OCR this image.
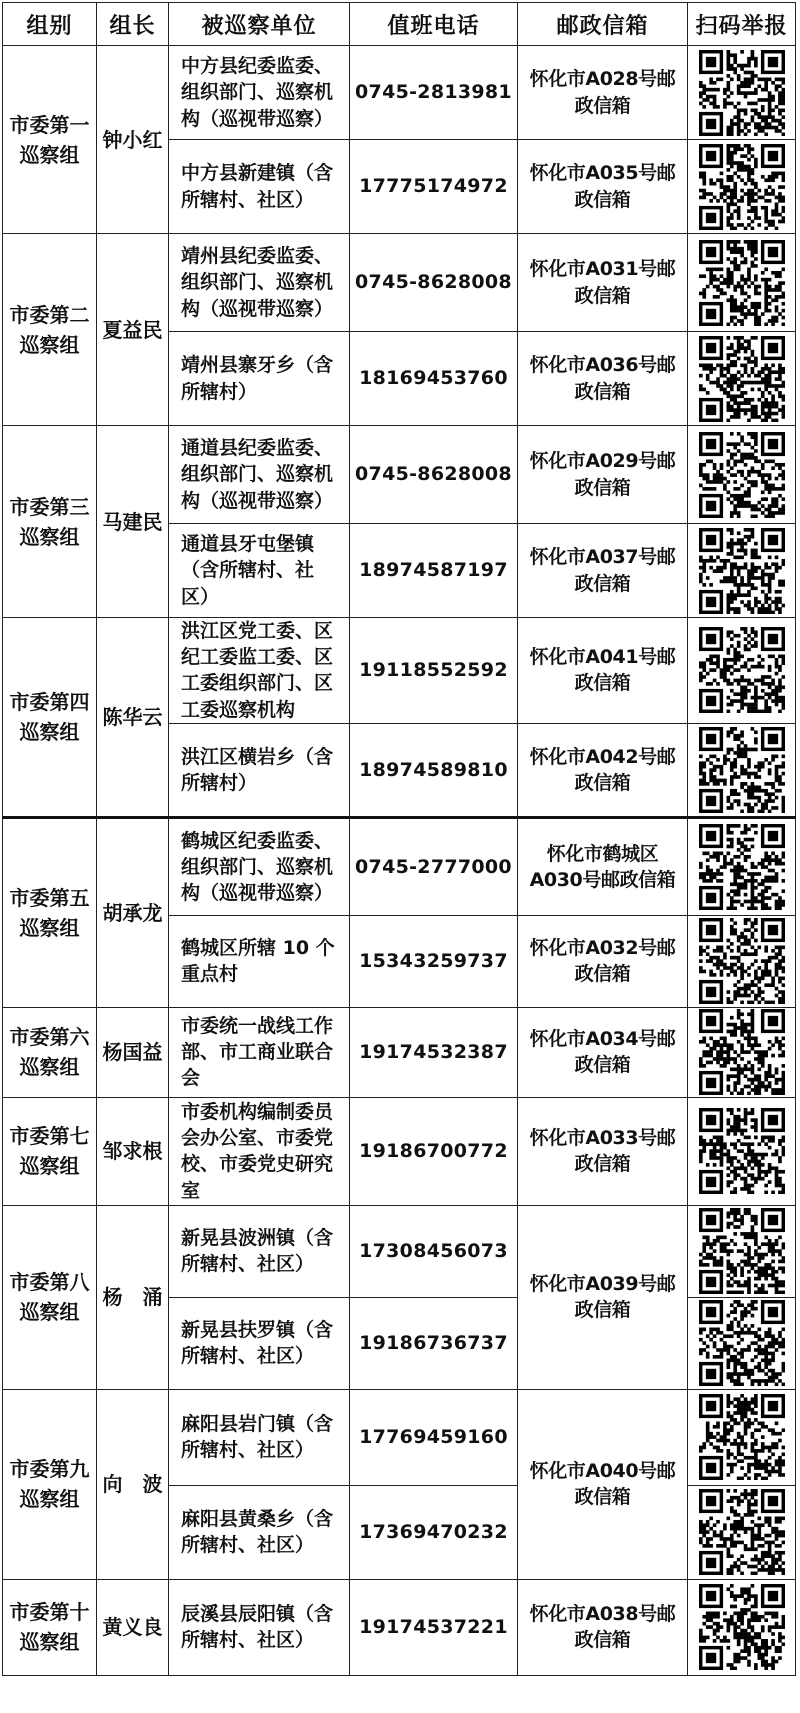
组别	组长	被巡察单位	值班电话	邮政信箱	扫码举报
市委第一巡察组	钟小红	中方县纪委监委、组织部门、巡察机构（巡视带巡察）	0745-2813981	怀化市A028号邮政信箱	

		中方县新建镇（含所辖村、社区）	17775174972	怀化市A035号邮政信箱	

市委第二巡察组	夏益民	靖州县纪委监委、组织部门、巡察机构（巡视带巡察）	0745-8628008	怀化市A031号邮政信箱	

		靖州县寨牙乡（含所辖村）	18169453760	怀化市A036号邮政信箱	

市委第三巡察组	马建民	通道县纪委监委、组织部门、巡察机构（巡视带巡察）	0745-8628008	怀化市A029号邮政信箱	

		通道县牙屯堡镇（含所辖村、社区）	18974587197	怀化市A037号邮政信箱	

市委第四巡察组	陈华云	洪江区党工委、区纪工委监工委、区工委组织部门、区工委巡察机构	19118552592	怀化市A041号邮政信箱	

		洪江区横岩乡（含所辖村）	18974589810	怀化市A042号邮政信箱	

市委第五巡察组	胡承龙	鹤城区纪委监委、组织部门、巡察机构（巡视带巡察）	0745-2777000	怀化市鹤城区A030号邮政信箱	

		鹤城区所辖 10 个重点村	15343259737	怀化市A032号邮政信箱	

市委第六巡察组	杨国益	市委统一战线工作部、市工商业联合会	19174532387	怀化市A034号邮政信箱	

市委第七巡察组	邹求根	市委机构编制委员会办公室、市委党校、市委党史研究室	19186700772	怀化市A033号邮政信箱	

市委第八巡察组	杨　涌	新晃县波洲镇（含所辖村、社区）	17308456073	怀化市A039号邮政信箱	

		新晃县扶罗镇（含所辖村、社区）	19186736737	

市委第九巡察组	向　波	麻阳县岩门镇（含所辖村、社区）	17769459160	怀化市A040号邮政信箱	

		麻阳县黄桑乡（含所辖村、社区）	17369470232	

市委第十巡察组	黄义良	辰溪县辰阳镇（含所辖村、社区）	19174537221	怀化市A038号邮政信箱	
